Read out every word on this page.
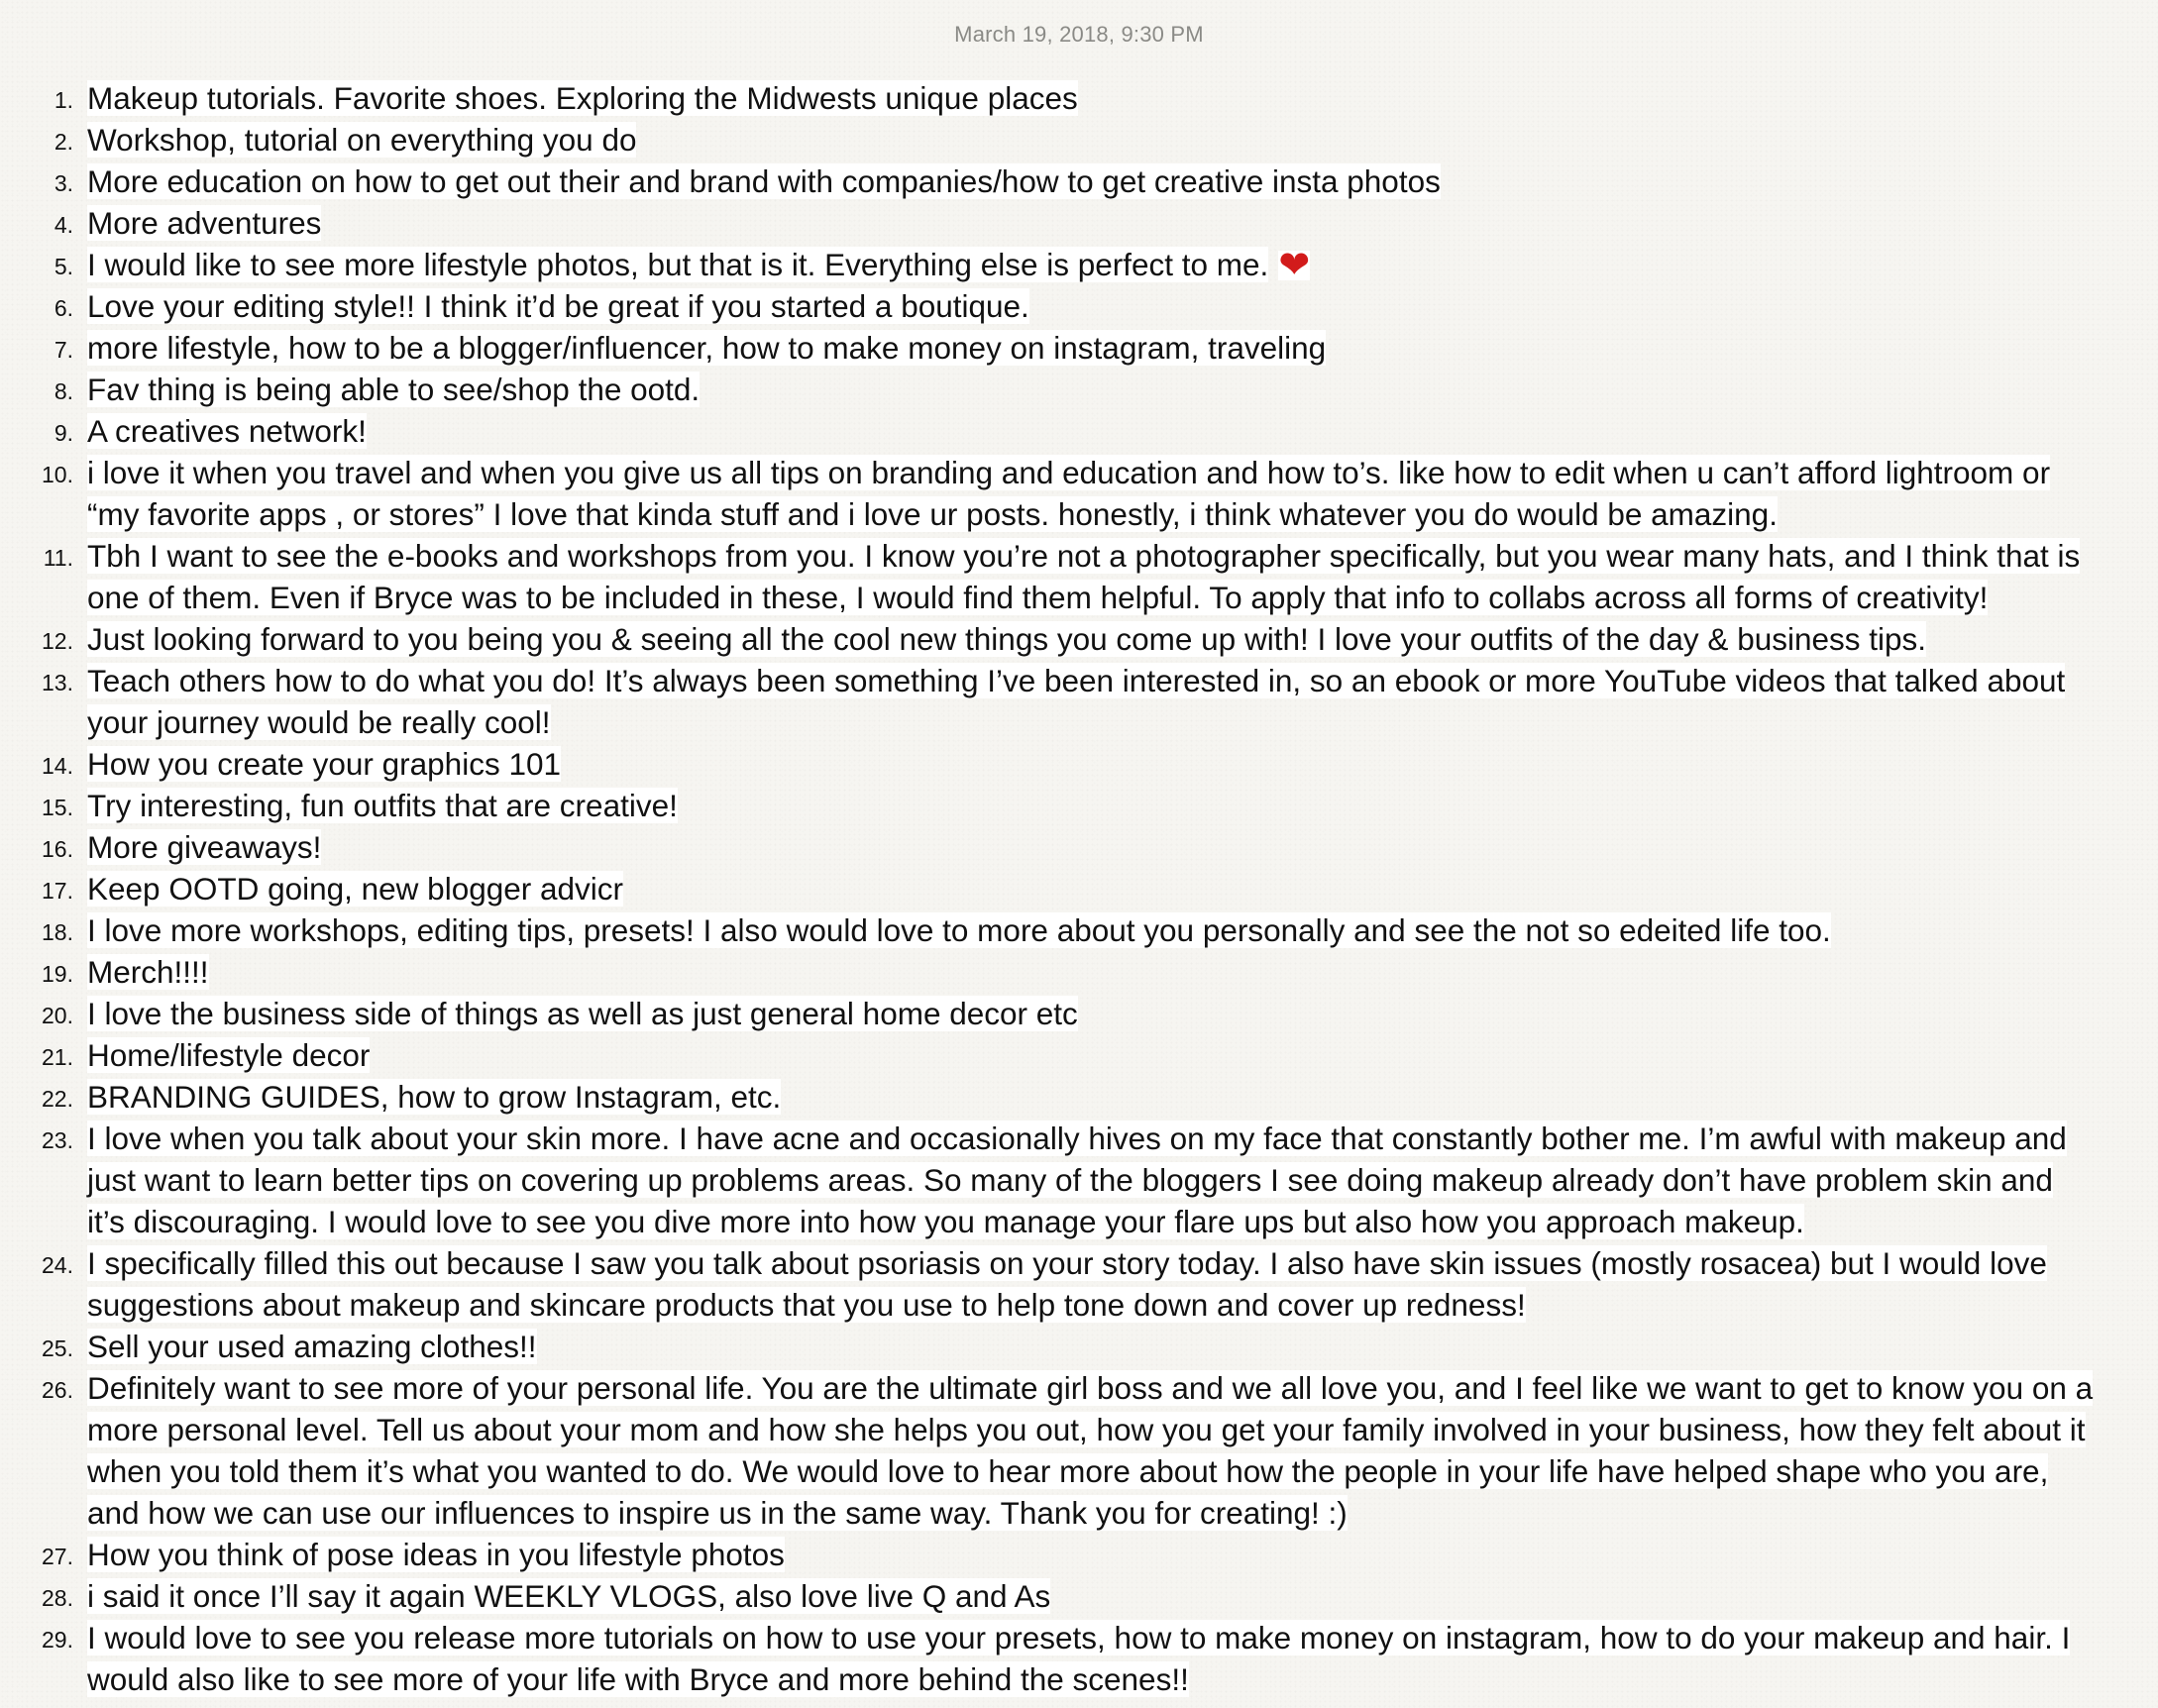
March 19, 2018, 9:30 PM
1. Makeup tutorials. Favorite shoes. Exploring the Midwests unique places
2. Workshop, tutorial on everything you do
3. More education on how to get out their and brand with companies/how to get creative insta photos
4. More adventures
5. I would like to see more lifestyle photos, but that is it. Everything else is perfect to me. ❤
6. Love your editing style!! I think it’d be great if you started a boutique.
7. more lifestyle, how to be a blogger/influencer, how to make money on instagram, traveling
8. Fav thing is being able to see/shop the ootd.
9. A creatives network!
10. i love it when you travel and when you give us all tips on branding and education and how to’s. like how to edit when u can’t afford lightroom or
“my favorite apps , or stores” I love that kinda stuff and i love ur posts. honestly, i think whatever you do would be amazing.
11. Tbh I want to see the e-books and workshops from you. I know you’re not a photographer specifically, but you wear many hats, and I think that is
one of them. Even if Bryce was to be included in these, I would find them helpful. To apply that info to collabs across all forms of creativity!
12. Just looking forward to you being you & seeing all the cool new things you come up with! I love your outfits of the day & business tips.
13. Teach others how to do what you do! It’s always been something I’ve been interested in, so an ebook or more YouTube videos that talked about
your journey would be really cool!
14. How you create your graphics 101
15. Try interesting, fun outfits that are creative!
16. More giveaways!
17. Keep OOTD going, new blogger advicr
18. I love more workshops, editing tips, presets! I also would love to more about you personally and see the not so edeited life too.
19. Merch!!!!
20. I love the business side of things as well as just general home decor etc
21. Home/lifestyle decor
22. BRANDING GUIDES, how to grow Instagram, etc.
23. I love when you talk about your skin more. I have acne and occasionally hives on my face that constantly bother me. I’m awful with makeup and
just want to learn better tips on covering up problems areas. So many of the bloggers I see doing makeup already don’t have problem skin and
it’s discouraging. I would love to see you dive more into how you manage your flare ups but also how you approach makeup.
24. I specifically filled this out because I saw you talk about psoriasis on your story today. I also have skin issues (mostly rosacea) but I would love
suggestions about makeup and skincare products that you use to help tone down and cover up redness!
25. Sell your used amazing clothes!!
26. Definitely want to see more of your personal life. You are the ultimate girl boss and we all love you, and I feel like we want to get to know you on a
more personal level. Tell us about your mom and how she helps you out, how you get your family involved in your business, how they felt about it
when you told them it’s what you wanted to do. We would love to hear more about how the people in your life have helped shape who you are,
and how we can use our influences to inspire us in the same way. Thank you for creating! :)
27. How you think of pose ideas in you lifestyle photos
28. i said it once I’ll say it again WEEKLY VLOGS, also love live Q and As
29. I would love to see you release more tutorials on how to use your presets, how to make money on instagram, how to do your makeup and hair. I
would also like to see more of your life with Bryce and more behind the scenes!!
